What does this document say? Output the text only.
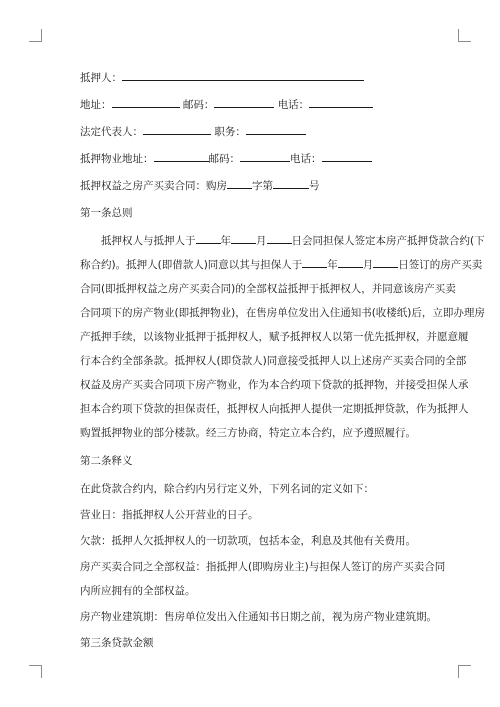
抵押人：
地址：	邮码：	电话：
法定代表人：	职务：
抵押物业地址：	邮码：	电话：
抵押权益之房产买卖合同：购房 字第	号
第一条总则
　　抵押权人与抵押人于 年 月 日会同担保人签定本房产抵押贷款合约(下
称合约)。抵押人(即借款人)同意以其与担保人于 年 月 日签订的房产买卖
合同(即抵押权益之房产买卖合同)的全部权益抵押于抵押权人，并同意该房产买卖
合同项下的房产物业(即抵押物业)，在售房单位发出入住通知书(收楼纸)后，立即办理房
产抵押手续，以该物业抵押于抵押权人，赋予抵押权人以第一优先抵押权，并愿意履
行本合约全部条款。抵押权人(即贷款人)同意接受抵押人以上述房产买卖合同的全部
权益及房产买卖合同项下房产物业，作为本合约项下贷款的抵押物，并接受担保人承
担本合约项下贷款的担保责任，抵押权人向抵押人提供一定期抵押贷款，作为抵押人
购置抵押物业的部分楼款。经三方协商，特定立本合约，应予遵照履行。
第二条释义
在此贷款合约内，除合约内另行定义外，下列名词的定义如下：
营业日：指抵押权人公开营业的日子。
欠款：抵押人欠抵押权人的一切款项，包括本金，利息及其他有关费用。
房产买卖合同之全部权益：指抵押人(即购房业主)与担保人签订的房产买卖合同
内所应拥有的全部权益。
房产物业建筑期：售房单位发出入住通知书日期之前，视为房产物业建筑期。
第三条贷款金额
